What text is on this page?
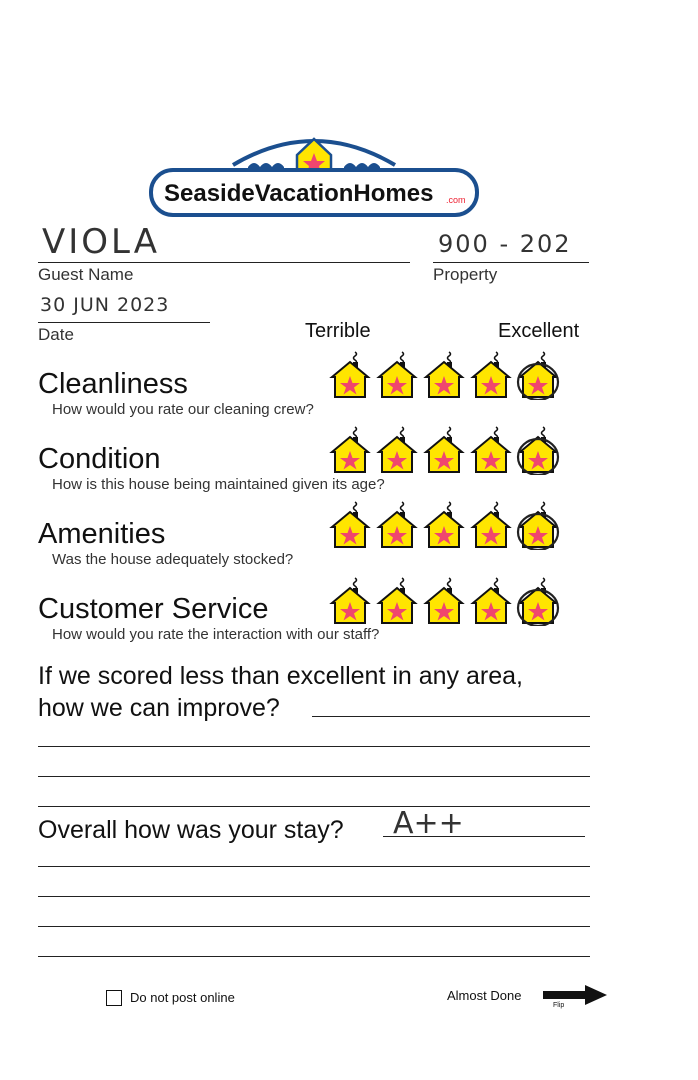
SeasideVacationHomes .com
VIOLA
Guest Name
900 - 202
Property
30 JUN 2023
Date	Terrible	Excellent
Cleanliness
How would you rate our cleaning crew?
Condition
How is this house being maintained given its age?
Amenities
Was the house adequately stocked?
Customer Service
How would you rate the interaction with our staff?
If we scored less than excellent in any area,
how we can improve?
Overall how was your stay? A++
Do not post online	Almost Done
Flip
